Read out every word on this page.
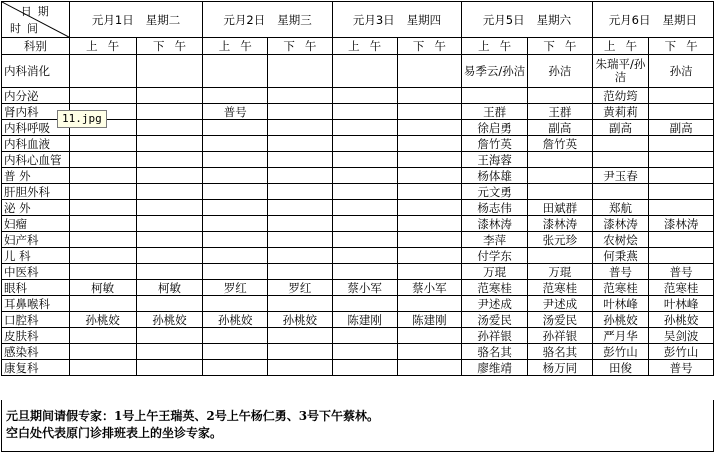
日期
时间	元月1日 星期二		元月2日 星期三		元月3日 星期四		元月5日 星期六		元月6日 星期日	
科别	上午	下午	上午	下午	上午	下午	上午	下午	上午	下午
内科消化							易季云/孙洁	孙洁	朱瑞平/孙洁	孙洁
内分泌									范幼筠	
肾内科			普号				王群	王群	黄莉莉	
内科呼吸							徐启勇	副高	副高	副高
内科血液							詹竹英	詹竹英		
内科心血管							王海蓉			
普 外							杨体雄		尹玉春	
肝胆外科							元文勇			
泌 外							杨志伟	田斌群	郑航	
妇瘤							漆林涛	漆林涛	漆林涛	漆林涛
妇产科							李萍	张元珍	农树烩	
儿 科							付学东		何秉燕	
中医科							万琨	万琨	普号	普号
眼科	柯敏	柯敏	罗红	罗红	蔡小军	蔡小军	范寒桂	范寒桂	范寒桂	范寒桂
耳鼻喉科							尹述成	尹述成	叶林峰	叶林峰
口腔科	孙桃姣	孙桃姣	孙桃姣	孙桃姣	陈建刚	陈建刚	汤爱民	汤爱民	孙桃姣	孙桃姣
皮肤科							孙祥银	孙祥银	严月华	吴剑波
感染科							骆名其	骆名其	彭竹山	彭竹山
康复科							廖维靖	杨万同	田俊	普号
11.jpg
元旦期间请假专家：1号上午王瑞英、2号上午杨仁勇、3号下午蔡林。
空白处代表原门诊排班表上的坐诊专家。
